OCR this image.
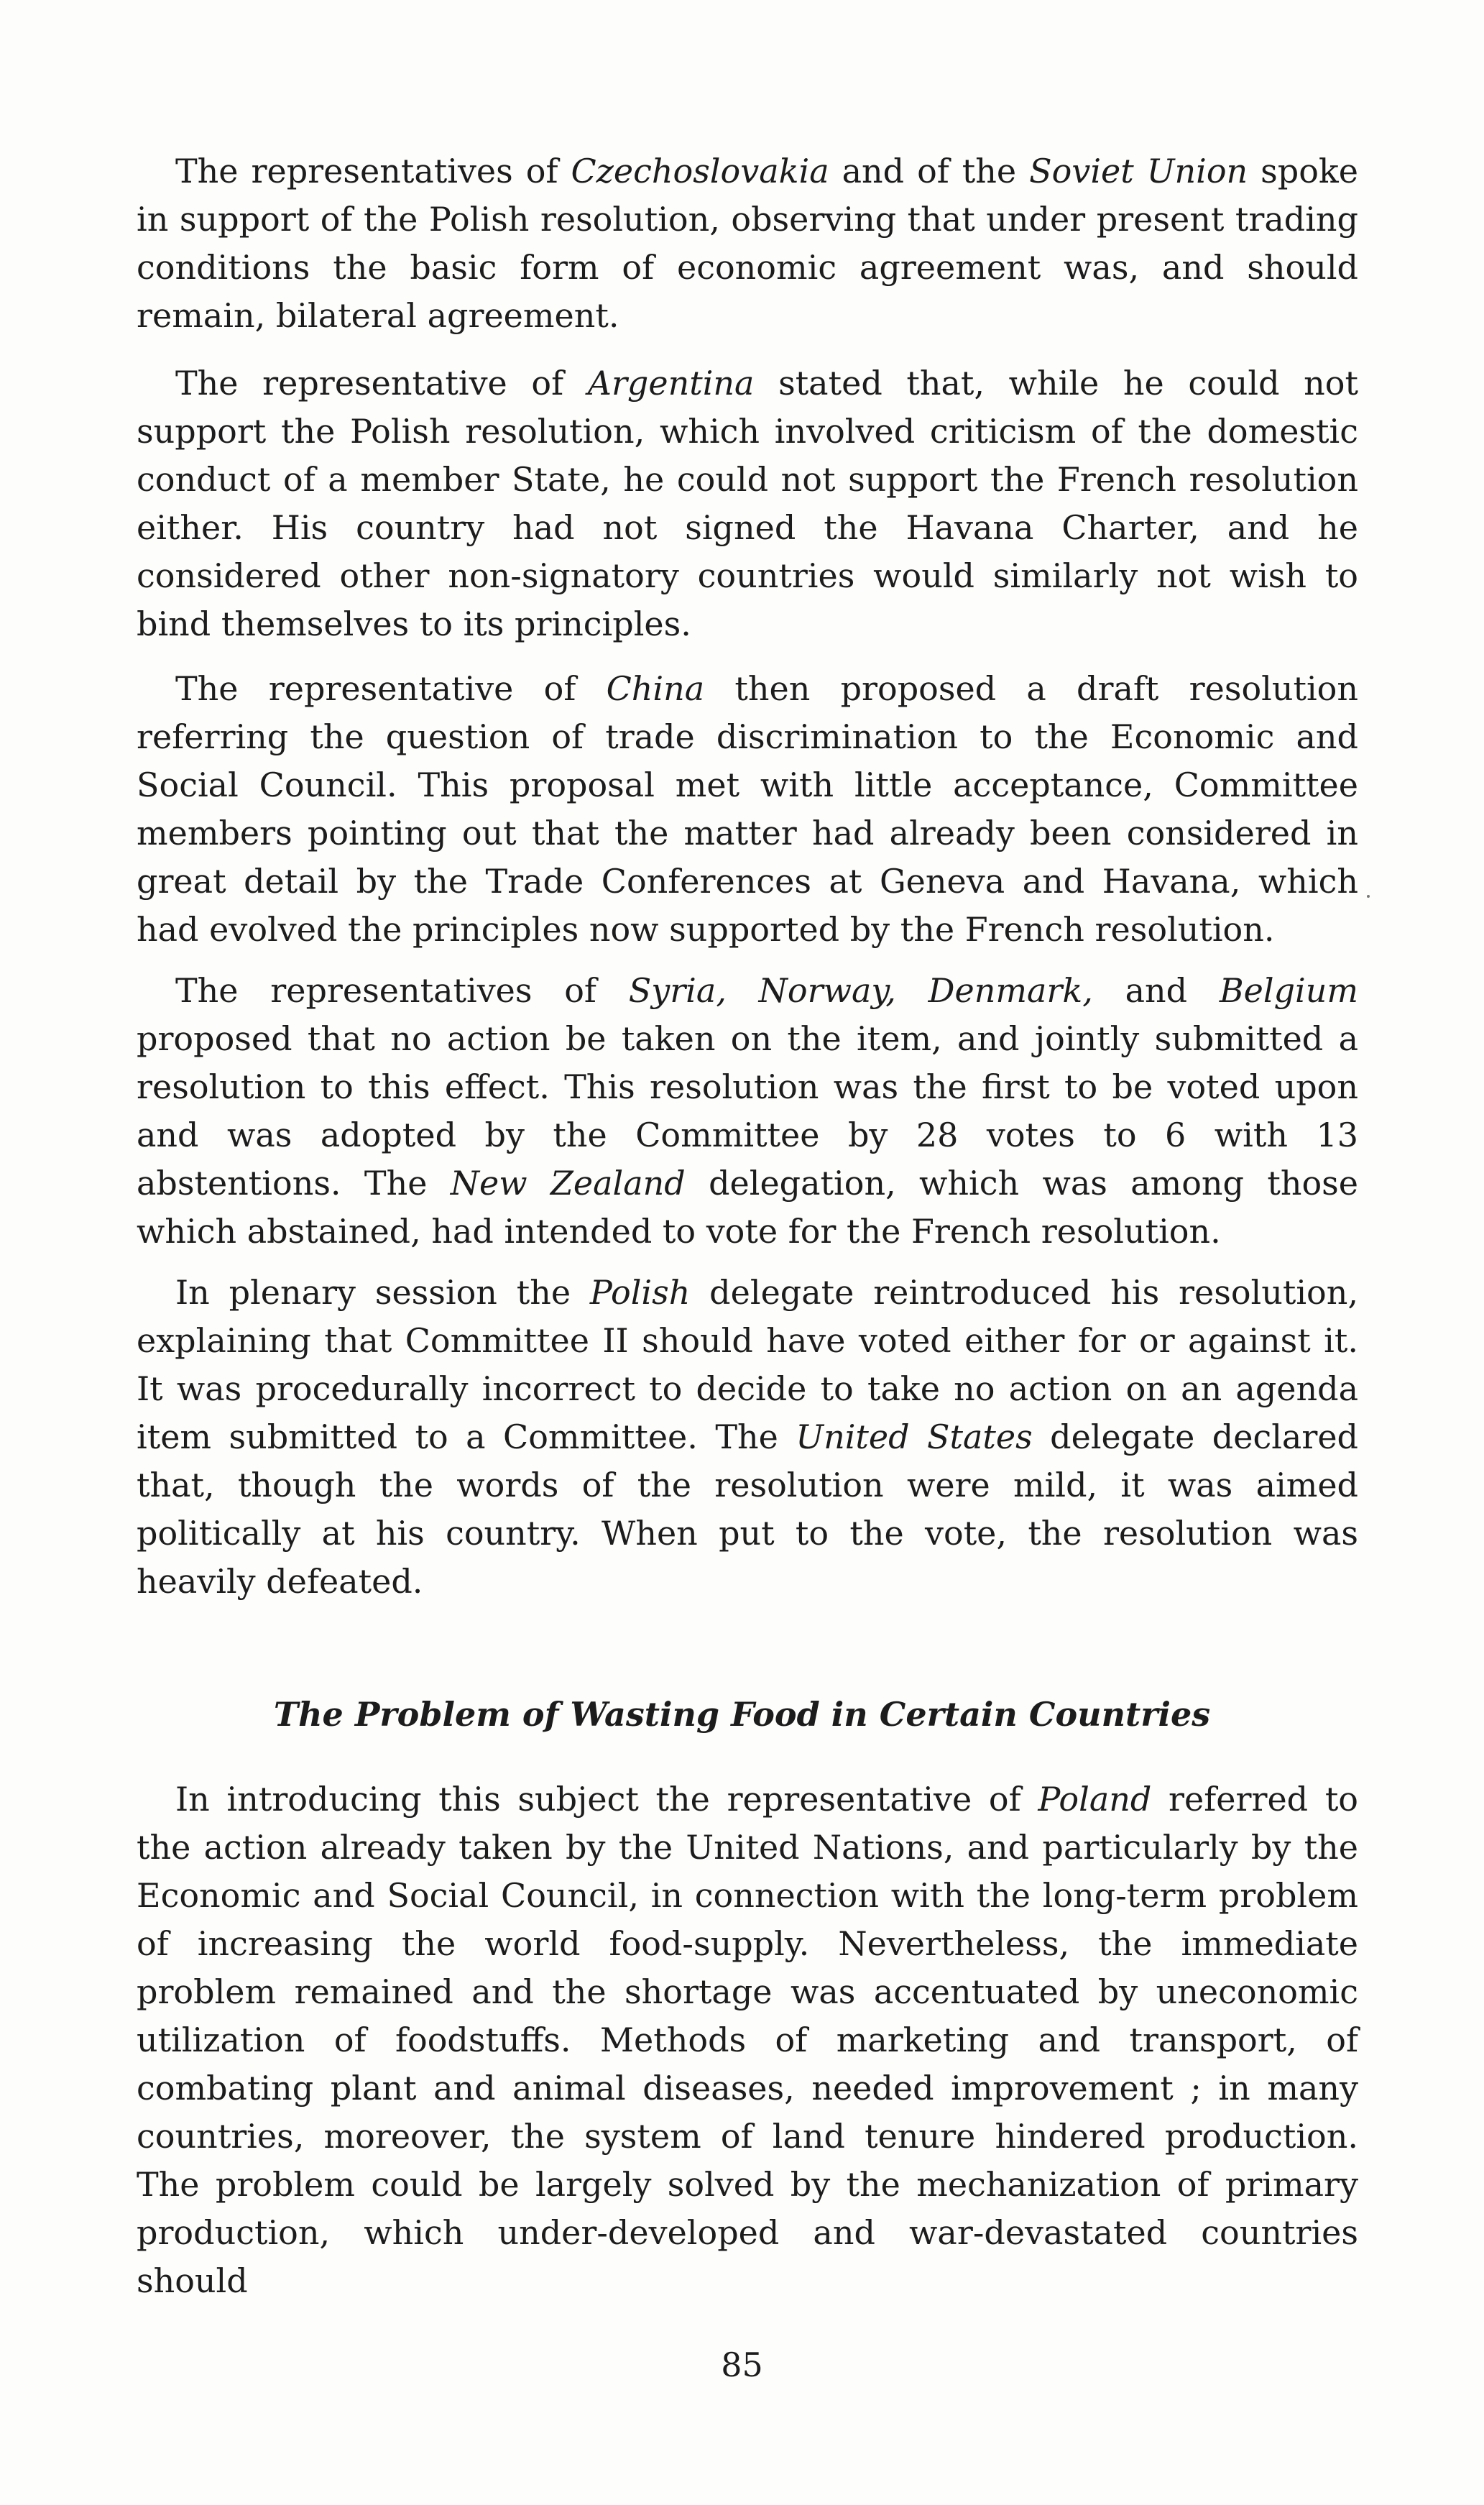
The representatives of Czechoslovakia and of the Soviet Union spoke in support of the Polish resolution, observing that under present trading conditions the basic form of economic agreement was, and should remain, bilateral agreement.

The representative of Argentina stated that, while he could not support the Polish resolution, which involved criticism of the domestic conduct of a member State, he could not support the French resolution either. His country had not signed the Havana Charter, and he considered other non-signatory countries would similarly not wish to bind themselves to its principles.

The representative of China then proposed a draft resolution referring the question of trade discrimination to the Economic and Social Council. This proposal met with little acceptance, Committee members pointing out that the matter had already been considered in great detail by the Trade Conferences at Geneva and Havana, which had evolved the principles now supported by the French resolution.

The representatives of Syria, Norway, Denmark, and Belgium proposed that no action be taken on the item, and jointly submitted a resolution to this effect. This resolution was the first to be voted upon and was adopted by the Committee by 28 votes to 6 with 13 abstentions. The New Zealand delegation, which was among those which abstained, had intended to vote for the French resolution.

In plenary session the Polish delegate reintroduced his resolution, explaining that Committee II should have voted either for or against it. It was procedurally incorrect to decide to take no action on an agenda item submitted to a Committee. The United States delegate declared that, though the words of the resolution were mild, it was aimed politically at his country. When put to the vote, the resolution was heavily defeated.

The Problem of Wasting Food in Certain Countries

In introducing this subject the representative of Poland referred to the action already taken by the United Nations, and particularly by the Economic and Social Council, in connection with the long-term problem of increasing the world food-supply. Nevertheless, the immediate problem remained and the shortage was accentuated by uneconomic utilization of foodstuffs. Methods of marketing and transport, of combating plant and animal diseases, needed improvement ; in many countries, moreover, the system of land tenure hindered production. The problem could be largely solved by the mechanization of primary production, which under-developed and war-devastated countries should

85
